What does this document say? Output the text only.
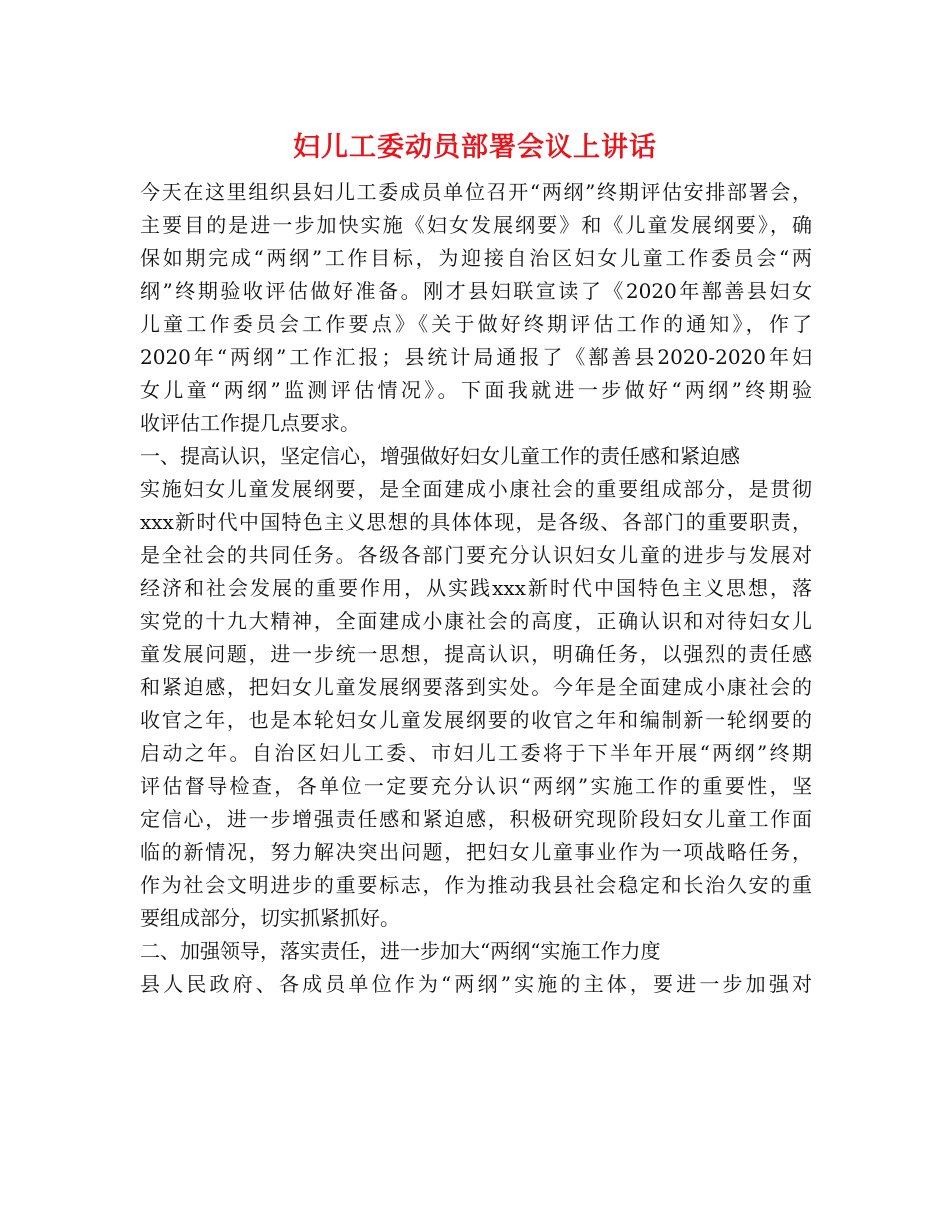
妇儿工委动员部署会议上讲话
今天在这里组织县妇儿工委成员单位召开“两纲”终期评估安排部署会，
主要目的是进一步加快实施《妇女发展纲要》和《儿童发展纲要》，确
保如期完成“两纲”工作目标，为迎接自治区妇女儿童工作委员会“两
纲”终期验收评估做好准备。刚才县妇联宣读了《2020年鄯善县妇女
儿童工作委员会工作要点》《关于做好终期评估工作的通知》，作了
2020年“两纲”工作汇报；县统计局通报了《鄯善县2020-2020年妇
女儿童“两纲”监测评估情况》。下面我就进一步做好“两纲”终期验
收评估工作提几点要求。
一、提高认识，坚定信心，增强做好妇女儿童工作的责任感和紧迫感
实施妇女儿童发展纲要，是全面建成小康社会的重要组成部分，是贯彻
xxx新时代中国特色主义思想的具体体现，是各级、各部门的重要职责，
是全社会的共同任务。各级各部门要充分认识妇女儿童的进步与发展对
经济和社会发展的重要作用，从实践xxx新时代中国特色主义思想，落
实党的十九大精神，全面建成小康社会的高度，正确认识和对待妇女儿
童发展问题，进一步统一思想，提高认识，明确任务，以强烈的责任感
和紧迫感，把妇女儿童发展纲要落到实处。今年是全面建成小康社会的
收官之年，也是本轮妇女儿童发展纲要的收官之年和编制新一轮纲要的
启动之年。自治区妇儿工委、市妇儿工委将于下半年开展“两纲”终期
评估督导检查，各单位一定要充分认识“两纲”实施工作的重要性，坚
定信心，进一步增强责任感和紧迫感，积极研究现阶段妇女儿童工作面
临的新情况，努力解决突出问题，把妇女儿童事业作为一项战略任务，
作为社会文明进步的重要标志，作为推动我县社会稳定和长治久安的重
要组成部分，切实抓紧抓好。
二、加强领导，落实责任，进一步加大“两纲“实施工作力度
县人民政府、各成员单位作为“两纲”实施的主体，要进一步加强对
